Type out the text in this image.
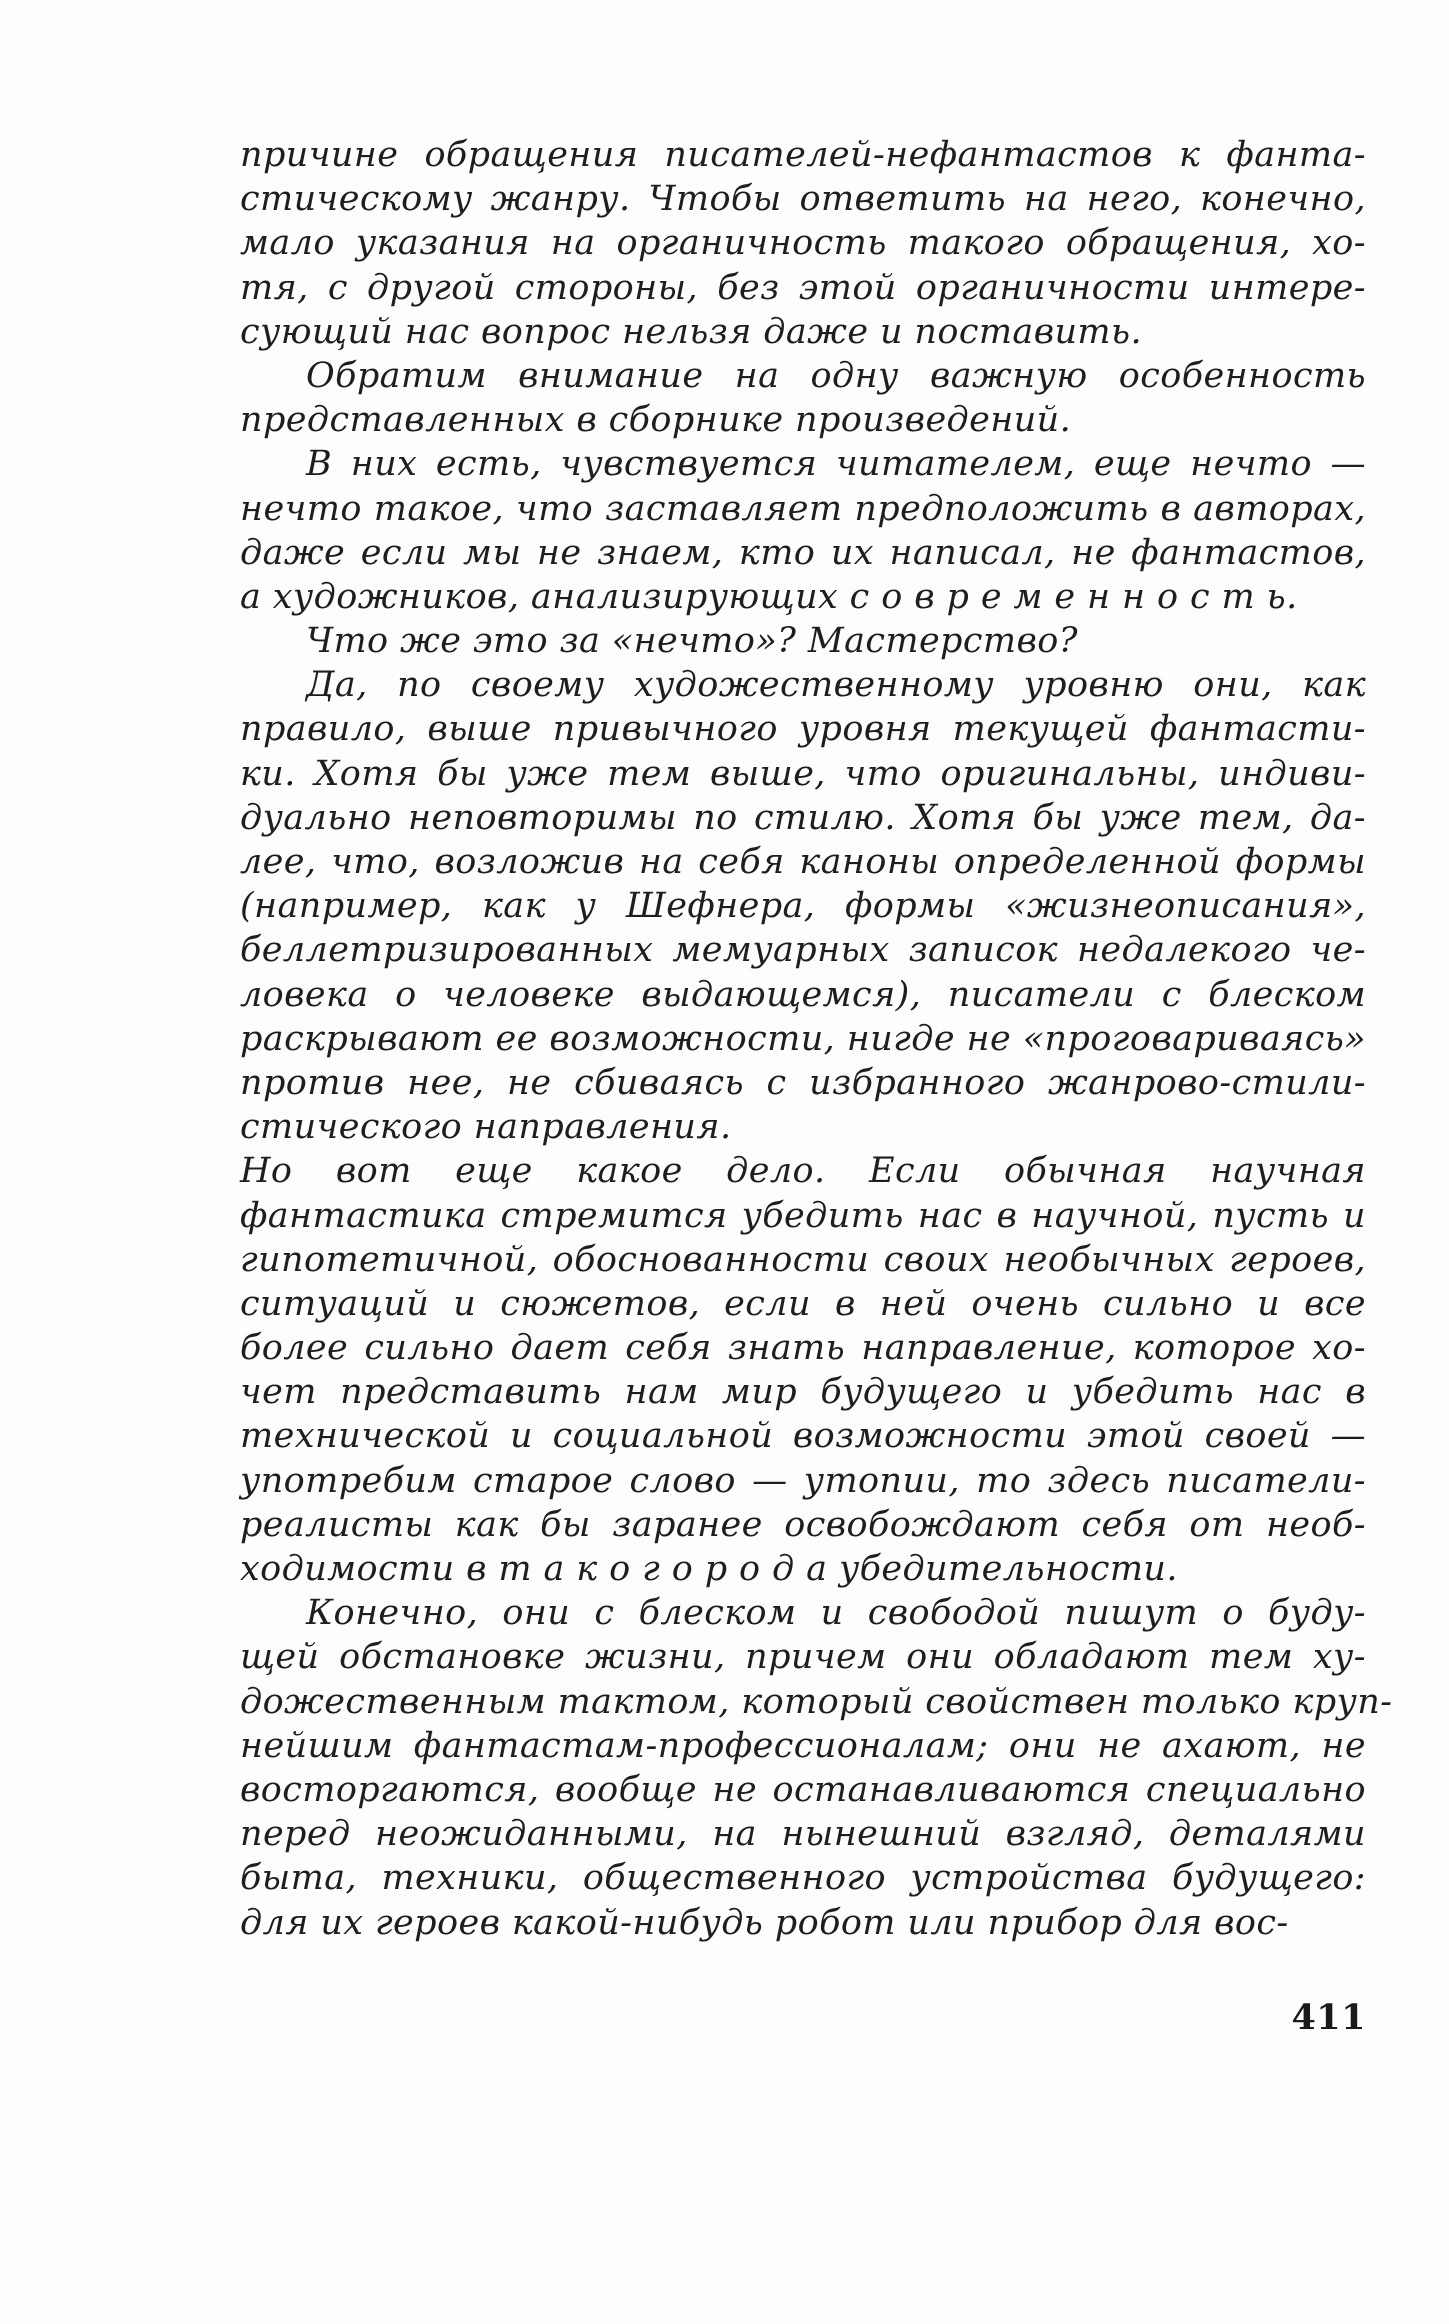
причине обращения писателей-нефантастов к фанта-
стическому жанру. Чтобы ответить на него, конечно,
мало указания на органичность такого обращения, хо-
тя, с другой стороны, без этой органичности интере-
сующий нас вопрос нельзя даже и поставить.
Обратим внимание на одну важную особенность
представленных в сборнике произведений.
В них есть, чувствуется читателем, еще нечто —
нечто такое, что заставляет предположить в авторах,
даже если мы не знаем, кто их написал, не фантастов,
а художников, анализирующих с о в р е м е н н о с т ь.
Что же это за «нечто»? Мастерство?
Да, по своему художественному уровню они, как
правило, выше привычного уровня текущей фантасти-
ки. Хотя бы уже тем выше, что оригинальны, индиви-
дуально неповторимы по стилю. Хотя бы уже тем, да-
лее, что, возложив на себя каноны определенной формы
(например, как у Шефнера, формы «жизнеописания»,
беллетризированных мемуарных записок недалекого че-
ловека о человеке выдающемся), писатели с блеском
раскрывают ее возможности, нигде не «проговариваясь»
против нее, не сбиваясь с избранного жанрово-стили-
стического направления.
Но вот еще какое дело. Если обычная научная
фантастика стремится убедить нас в научной, пусть и
гипотетичной, обоснованности своих необычных героев,
ситуаций и сюжетов, если в ней очень сильно и все
более сильно дает себя знать направление, которое хо-
чет представить нам мир будущего и убедить нас в
технической и социальной возможности этой своей —
употребим старое слово — утопии, то здесь писатели-
реалисты как бы заранее освобождают себя от необ-
ходимости в т а к о г о р о д а убедительности.
Конечно, они с блеском и свободой пишут о буду-
щей обстановке жизни, причем они обладают тем ху-
дожественным тактом, который свойствен только круп-
нейшим фантастам-профессионалам; они не ахают, не
восторгаются, вообще не останавливаются специально
перед неожиданными, на нынешний взгляд, деталями
быта, техники, общественного устройства будущего:
для их героев какой-нибудь робот или прибор для вос-
411
